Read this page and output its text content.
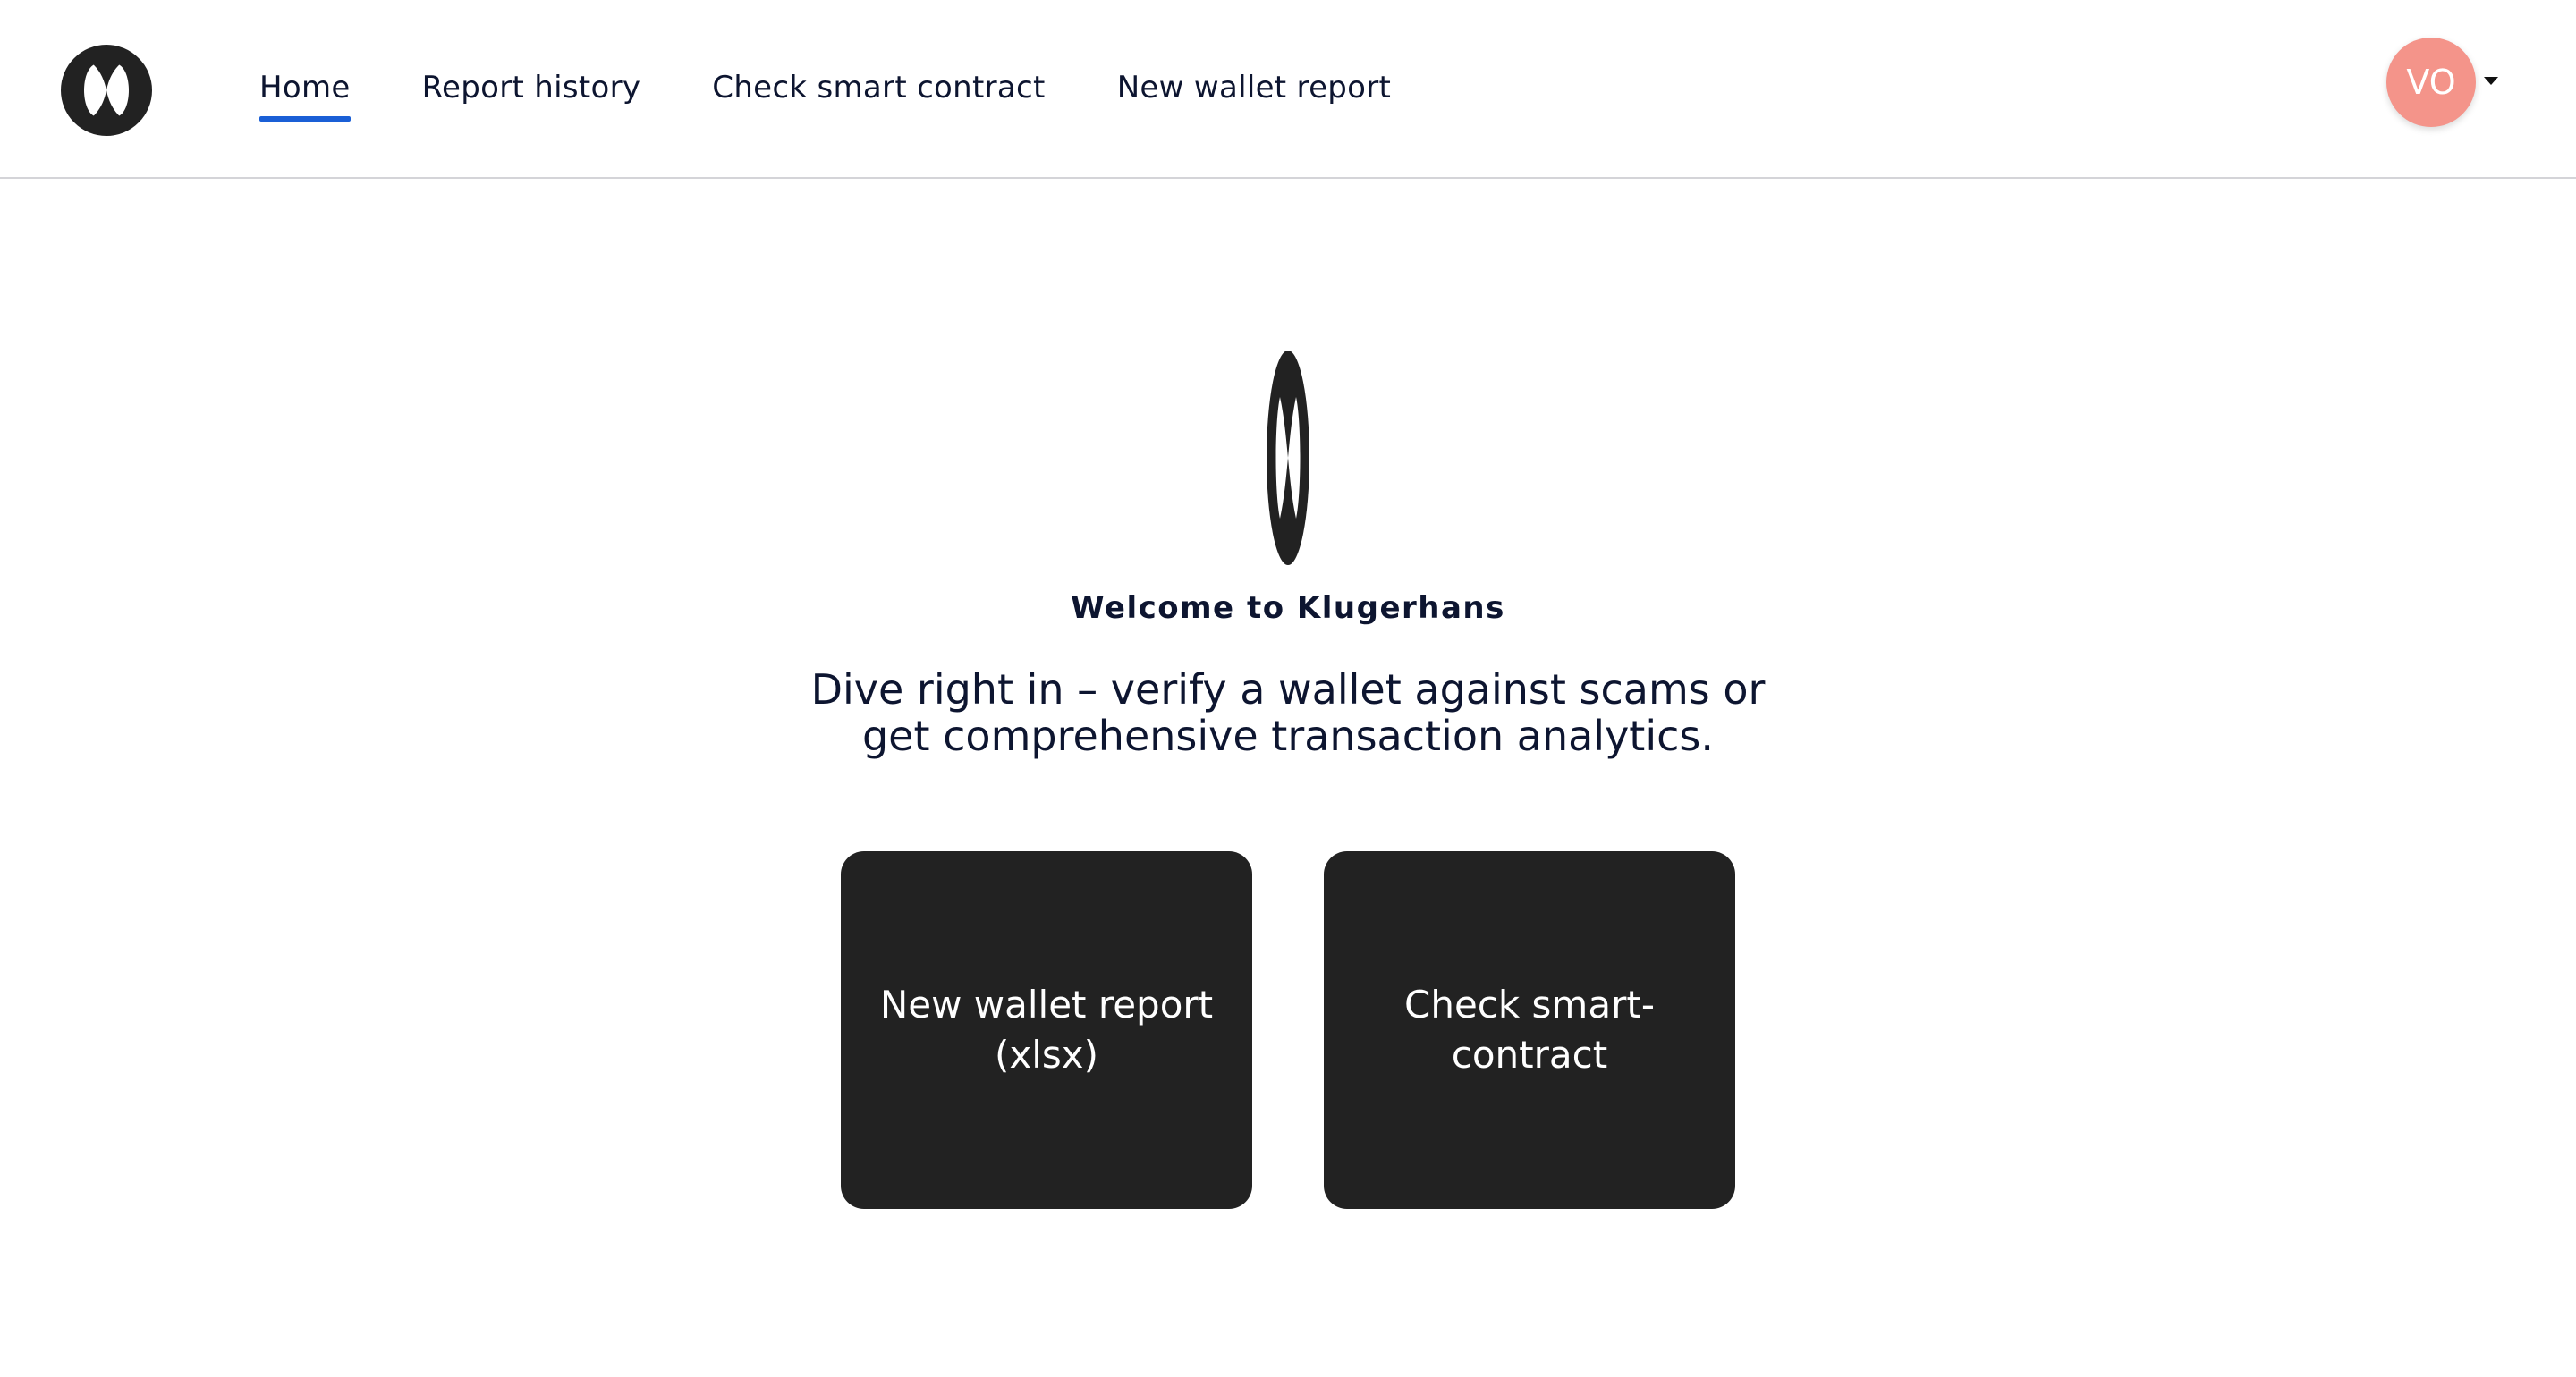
Home Report history Check smart contract New wallet report	VO
Welcome to Klugerhans
Dive right in – verify a wallet against scams or get comprehensive transaction analytics.
New wallet report
(xlsx)
Check smart-contract
